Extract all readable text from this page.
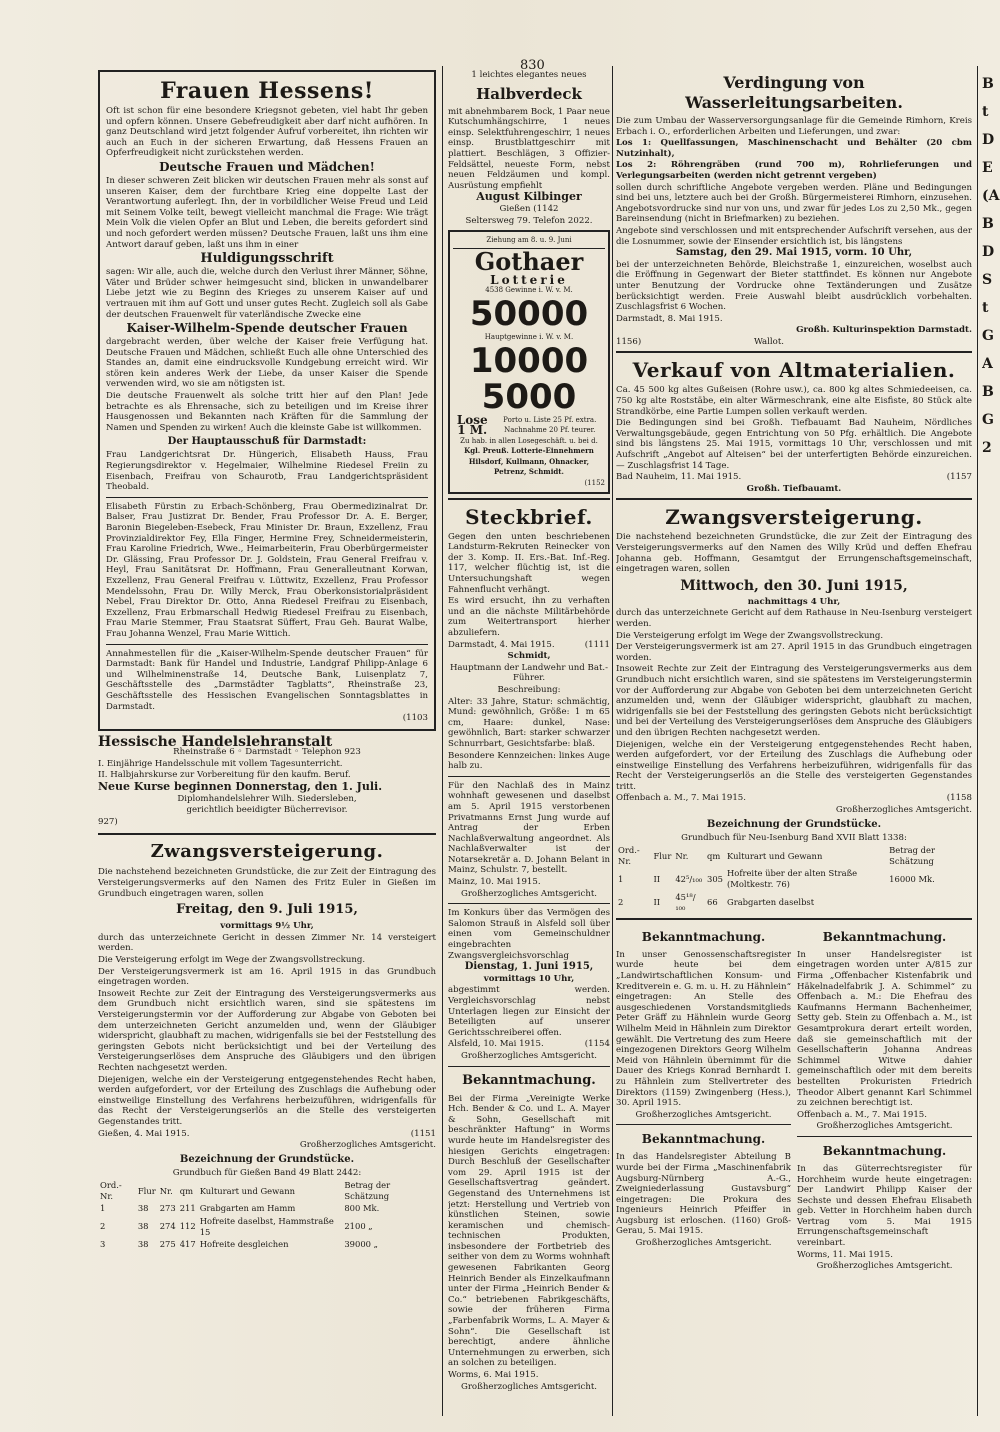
830
Frauen Hessens!

Oft ist schon für eine besondere Kriegsnot gebeten, viel habt Ihr geben und opfern können. Unsere Gebefreudigkeit aber darf nicht aufhören. In ganz Deutschland wird jetzt folgender Aufruf vorbereitet, ihn richten wir auch an Euch in der sicheren Erwartung, daß Hessens Frauen an Opferfreudigkeit nicht zurückstehen werden.

Deutsche Frauen und Mädchen!

In dieser schweren Zeit blicken wir deutschen Frauen mehr als sonst auf unseren Kaiser, dem der furchtbare Krieg eine doppelte Last der Verantwortung auferlegt. Ihn, der in vorbildlicher Weise Freud und Leid mit Seinem Volke teilt, bewegt vielleicht manchmal die Frage: Wie trägt Mein Volk die vielen Opfer an Blut und Leben, die bereits gefordert sind und noch gefordert werden müssen? Deutsche Frauen, laßt uns ihm eine Antwort darauf geben, laßt uns ihm in einer

Huldigungsschrift

sagen: Wir alle, auch die, welche durch den Verlust ihrer Männer, Söhne, Väter und Brüder schwer heimgesucht sind, blicken in unwandelbarer Liebe jetzt wie zu Beginn des Krieges zu unserem Kaiser auf und vertrauen mit ihm auf Gott und unser gutes Recht. Zugleich soll als Gabe der deutschen Frauenwelt für vaterländische Zwecke eine

Kaiser-Wilhelm-Spende deutscher Frauen

dargebracht werden, über welche der Kaiser freie Verfügung hat. Deutsche Frauen und Mädchen, schließt Euch alle ohne Unterschied des Standes an, damit eine eindrucksvolle Kundgebung erreicht wird. Wir stören kein anderes Werk der Liebe, da unser Kaiser die Spende verwenden wird, wo sie am nötigsten ist.

Die deutsche Frauenwelt als solche tritt hier auf den Plan! Jede betrachte es als Ehrensache, sich zu beteiligen und im Kreise ihrer Hausgenossen und Bekannten nach Kräften für die Sammlung der Namen und Spenden zu wirken! Auch die kleinste Gabe ist willkommen.

Der Hauptausschuß für Darmstadt:

Frau Landgerichtsrat Dr. Hüngerich, Elisabeth Hauss, Frau Regierungsdirektor v. Hegelmaier, Wilhelmine Riedesel Freiin zu Eisenbach, Freifrau von Schaurotb, Frau Landgerichtspräsident Theobald.

Elisabeth Fürstin zu Erbach-Schönberg, Frau Obermedizinalrat Dr. Balser, Frau Justizrat Dr. Bender, Frau Professor Dr. A. E. Berger, Baronin Biegeleben-Esebeck, Frau Minister Dr. Braun, Exzellenz, Frau Provinzialdirektor Fey, Ella Finger, Hermine Frey, Schneidermeisterin, Frau Karoline Friedrich, Wwe., Heimarbeiterin, Frau Oberbürgermeister Dr. Glässing, Frau Professor Dr. J. Goldstein, Frau General Freifrau v. Heyl, Frau Sanitätsrat Dr. Hoffmann, Frau Generalleutnant Korwan, Exzellenz, Frau General Freifrau v. Lüttwitz, Exzellenz, Frau Professor Mendelssohn, Frau Dr. Willy Merck, Frau Oberkonsistorialpräsident Nebel, Frau Direktor Dr. Otto, Anna Riedesel Freifrau zu Eisenbach, Exzellenz, Frau Erbmarschall Hedwig Riedesel Freifrau zu Eisenbach, Frau Marie Stemmer, Frau Staatsrat Süffert, Frau Geh. Baurat Walbe, Frau Johanna Wenzel, Frau Marie Wittich.

Annahmestellen für die „Kaiser-Wilhelm-Spende deutscher Frauen“ für Darmstadt: Bank für Handel und Industrie, Landgraf Philipp-Anlage 6 und Wilhelminenstraße 14, Deutsche Bank, Luisenplatz 7, Geschäftsstelle des „Darmstädter Tagblatts“, Rheinstraße 23, Geschäftsstelle des Hessischen Evangelischen Sonntagsblattes in Darmstadt.

(1103

Hessische Handelslehranstalt

Rheinstraße 6 ◦ Darmstadt ◦ Telephon 923

I. Einjährige Handelsschule mit vollem Tagesunterricht.

II. Halbjahrskurse zur Vorbereitung für den kaufm. Beruf.

Neue Kurse beginnen Donnerstag, den 1. Juli.

Diplomhandelslehrer Wilh. Siedersleben,

gerichtlich beeidigter Bücherrevisor.

927)

Zwangsversteigerung.

Die nachstehend bezeichneten Grundstücke, die zur Zeit der Eintragung des Versteigerungsvermerks auf den Namen des Fritz Euler in Gießen im Grundbuch eingetragen waren, sollen

Freitag, den 9. Juli 1915,

vormittags 9½ Uhr,

durch das unterzeichnete Gericht in dessen Zimmer Nr. 14 versteigert werden.

Die Versteigerung erfolgt im Wege der Zwangsvollstreckung.

Der Versteigerungsvermerk ist am 16. April 1915 in das Grundbuch eingetragen worden.

Insoweit Rechte zur Zeit der Eintragung des Versteigerungsvermerks aus dem Grundbuch nicht ersichtlich waren, sind sie spätestens im Versteigerungstermin vor der Aufforderung zur Abgabe von Geboten bei dem unterzeichneten Gericht anzumelden und, wenn der Gläubiger widerspricht, glaubhaft zu machen, widrigenfalls sie bei der Feststellung des geringsten Gebots nicht berücksichtigt und bei der Verteilung des Versteigerungserlöses dem Anspruche des Gläubigers und den übrigen Rechten nachgesetzt werden.

Diejenigen, welche ein der Versteigerung entgegenstehendes Recht haben, werden aufgefordert, vor der Erteilung des Zuschlags die Aufhebung oder einstweilige Einstellung des Verfahrens herbeizuführen, widrigenfalls für das Recht der Versteigerungserlös an die Stelle des versteigerten Gegenstandes tritt.

Gießen, 4. Mai 1915.	(1151

Großherzogliches Amtsgericht.

Bezeichnung der Grundstücke.

Grundbuch für Gießen Band 49 Blatt 2442:

Ord.-Nr.	Flur	Nr.	qm	Kulturart und Gewann	Betrag der Schätzung
1	38	273	211	Grabgarten am Hamm	800 Mk.
2	38	274	112	Hofreite daselbst, Hammstraße 15	2100 „
3	38	275	417	Hofreite desgleichen	39000 „

1 leichtes elegantes neues

Halbverdeck

mit abnehmbarem Bock, 1 Paar neue Kutschumhängschirre, 1 neues einsp. Selektfuhrengeschirr, 1 neues einsp. Brustblattgeschirr mit plattiert. Beschlägen, 3 Offizier-Feldsättel, neueste Form, nebst neuen Feldzäumen und kompl. Ausrüstung empfiehlt

August Kilbinger

Gießen (1142

Seltersweg 79. Telefon 2022.

Ziehung am 8. u. 9. Juni
Gothaer
Lotterie
4538 Gewinne i. W. v. M.
50000
Hauptgewinne i. W. v. M.
10000
5000
Lose 1 M.
Porto u. Liste 25 Pf. extra. Nachnahme 20 Pf. teurer.
Zu hab. in allen Losegeschäft. u. bei d.
Kgl. Preuß. Lotterie-Einnehmern
Hilsdorf, Kullmann, Ohnacker, Petrenz, Schmidt.
(1152
Steckbrief.

Gegen den unten beschriebenen Landsturm-Rekruten Reinecker von der 3. Komp. II. Ers.-Bat. Inf.-Reg. 117, welcher flüchtig ist, ist die Untersuchungshaft wegen Fahnenflucht verhängt.

Es wird ersucht, ihn zu verhaften und an die nächste Militärbehörde zum Weitertransport hierher abzuliefern.

Darmstadt, 4. Mai 1915.	(1111

Schmidt,

Hauptmann der Landwehr und Bat.-Führer.

Beschreibung:

Alter: 33 Jahre, Statur: schmächtig, Mund: gewöhnlich, Größe: 1 m 65 cm, Haare: dunkel, Nase: gewöhnlich, Bart: starker schwarzer Schnurrbart, Gesichtsfarbe: blaß.

Besondere Kennzeichen: linkes Auge halb zu.

Für den Nachlaß des in Mainz wohnhaft gewesenen und daselbst am 5. April 1915 verstorbenen Privatmanns Ernst Jung wurde auf Antrag der Erben Nachlaßverwaltung angeordnet. Als Nachlaßverwalter ist der Notarsekretär a. D. Johann Belant in Mainz, Schulstr. 7, bestellt.

Mainz, 10. Mai 1915.

Großherzogliches Amtsgericht.

Im Konkurs über das Vermögen des Salomon Strauß in Alsfeld soll über einen vom Gemeinschuldner eingebrachten Zwangsvergleichsvorschlag

Dienstag, 1. Juni 1915,

vormittags 10 Uhr,

abgestimmt werden. Vergleichsvorschlag nebst Unterlagen liegen zur Einsicht der Beteiligten auf unserer Gerichtsschreiberei offen.

Alsfeld, 10. Mai 1915.	(1154

Großherzogliches Amtsgericht.

Bekanntmachung.

Bei der Firma „Vereinigte Werke Hch. Bender & Co. und L. A. Mayer & Sohn, Gesellschaft mit beschränkter Haftung“ in Worms wurde heute im Handelsregister des hiesigen Gerichts eingetragen: Durch Beschluß der Gesellschafter vom 29. April 1915 ist der Gesellschaftsvertrag geändert. Gegenstand des Unternehmens ist jetzt: Herstellung und Vertrieb von künstlichen Steinen, sowie keramischen und chemisch-technischen Produkten, insbesondere der Fortbetrieb des seither von dem zu Worms wohnhaft gewesenen Fabrikanten Georg Heinrich Bender als Einzelkaufmann unter der Firma „Heinrich Bender & Co.“ betriebenen Fabrikgeschäfts, sowie der früheren Firma „Farbenfabrik Worms, L. A. Mayer & Sohn“. Die Gesellschaft ist berechtigt, andere ähnliche Unternehmungen zu erwerben, sich an solchen zu beteiligen.

Worms, 6. Mai 1915.

Großherzogliches Amtsgericht.

Verdingung von Wasserleitungsarbeiten.

Die zum Umbau der Wasserversorgungsanlage für die Gemeinde Rimhorn, Kreis Erbach i. O., erforderlichen Arbeiten und Lieferungen, und zwar:

Los 1: Quellfassungen, Maschinenschacht und Behälter (20 cbm Nutzinhalt),

Los 2: Röhrengräben (rund 700 m), Rohrlieferungen und Verlegungsarbeiten (werden nicht getrennt vergeben)

sollen durch schriftliche Angebote vergeben werden. Pläne und Bedingungen sind bei uns, letztere auch bei der Großh. Bürgermeisterei Rimhorn, einzusehen. Angebotsvordrucke sind nur von uns, und zwar für jedes Los zu 2,50 Mk., gegen Bareinsendung (nicht in Briefmarken) zu beziehen.

Angebote sind verschlossen und mit entsprechender Aufschrift versehen, aus der die Losnummer, sowie der Einsender ersichtlich ist, bis längstens

Samstag, den 29. Mai 1915, vorm. 10 Uhr,

bei der unterzeichneten Behörde, Bleichstraße 1, einzureichen, woselbst auch die Eröffnung in Gegenwart der Bieter stattfindet. Es können nur Angebote unter Benutzung der Vordrucke ohne Textänderungen und Zusätze berücksichtigt werden. Freie Auswahl bleibt ausdrücklich vorbehalten. Zuschlagsfrist 6 Wochen.

Darmstadt, 8. Mai 1915.

Großh. Kulturinspektion Darmstadt.

1156)	Wallot.

Verkauf von Altmaterialien.

Ca. 45 500 kg altes Gußeisen (Rohre usw.), ca. 800 kg altes Schmiedeeisen, ca. 750 kg alte Roststäbe, ein alter Wärmeschrank, eine alte Eisfiste, 80 Stück alte Strandkörbe, eine Partie Lumpen sollen verkauft werden.

Die Bedingungen sind bei Großh. Tiefbauamt Bad Nauheim, Nördliches Verwaltungsgebäude, gegen Entrichtung von 50 Pfg. erhältlich. Die Angebote sind bis längstens 25. Mai 1915, vormittags 10 Uhr, verschlossen und mit Aufschrift „Angebot auf Alteisen“ bei der unterfertigten Behörde einzureichen. — Zuschlagsfrist 14 Tage.

Bad Nauheim, 11. Mai 1915.	(1157

Großh. Tiefbauamt.

Zwangsversteigerung.

Die nachstehend bezeichneten Grundstücke, die zur Zeit der Eintragung des Versteigerungsvermerks auf den Namen des Willy Krüd und deffen Ehefrau Johanna geb. Hoffmann, Gesamtgut der Errungenschaftsgemeinschaft, eingetragen waren, sollen

Mittwoch, den 30. Juni 1915,

nachmittags 4 Uhr,

durch das unterzeichnete Gericht auf dem Rathause in Neu-Isenburg versteigert werden.

Die Versteigerung erfolgt im Wege der Zwangsvollstreckung.

Der Versteigerungsvermerk ist am 27. April 1915 in das Grundbuch eingetragen worden.

Insoweit Rechte zur Zeit der Eintragung des Versteigerungsvermerks aus dem Grundbuch nicht ersichtlich waren, sind sie spätestens im Versteigerungstermin vor der Aufforderung zur Abgabe von Geboten bei dem unterzeichneten Gericht anzumelden und, wenn der Gläubiger widerspricht, glaubhaft zu machen, widrigenfalls sie bei der Feststellung des geringsten Gebots nicht berücksichtigt und bei der Verteilung des Versteigerungserlöses dem Anspruche des Gläubigers und den übrigen Rechten nachgesetzt werden.

Diejenigen, welche ein der Versteigerung entgegenstehendes Recht haben, werden aufgefordert, vor der Erteilung des Zuschlags die Aufhebung oder einstweilige Einstellung des Verfahrens herbeizuführen, widrigenfalls für das Recht der Versteigerungserlös an die Stelle des versteigerten Gegenstandes tritt.

Offenbach a. M., 7. Mai 1915.	(1158

Großherzogliches Amtsgericht.

Bezeichnung der Grundstücke.

Grundbuch für Neu-Isenburg Band XVII Blatt 1338:

Ord.-Nr.	Flur	Nr.	qm	Kulturart und Gewann	Betrag der Schätzung
1	II	42⁵/₁₀₀	305	Hofreite über der alten Straße (Moltkestr. 76)	16000 Mk.
2	II	45¹⁸/₁₀₀	66	Grabgarten daselbst	
Bekanntmachung.

In unser Genossenschaftsregister wurde heute bei dem „Landwirtschaftlichen Konsum- und Kreditverein e. G. m. u. H. zu Hähnlein“ eingetragen: An Stelle des ausgeschiedenen Vorstandsmitglieds Peter Gräff zu Hähnlein wurde Georg Wilhelm Meid in Hähnlein zum Direktor gewählt. Die Vertretung des zum Heere eingezogenen Direktors Georg Wilhelm Meid von Hähnlein übernimmt für die Dauer des Kriegs Konrad Bernhardt I. zu Hähnlein zum Stellvertreter des Direktors (1159) Zwingenberg (Hess.), 30. April 1915.

Großherzogliches Amtsgericht.

Bekanntmachung.

In das Handelsregister Abteilung B wurde bei der Firma „Maschinenfabrik Augsburg-Nürnberg A.-G., Zweigniederlassung Gustavsburg“ eingetragen: Die Prokura des Ingenieurs Heinrich Pfeiffer in Augsburg ist erloschen. (1160) Groß-Gerau, 5. Mai 1915.

Großherzogliches Amtsgericht.

Bekanntmachung.

In unser Handelsregister ist eingetragen worden unter A/815 zur Firma „Offenbacher Kistenfabrik und Häkelnadelfabrik J. A. Schimmel“ zu Offenbach a. M.: Die Ehefrau des Kaufmanns Hermann Bachenheimer, Setty geb. Stein zu Offenbach a. M., ist Gesamtprokura derart erteilt worden, daß sie gemeinschaftlich mit der Gesellschafterin Johanna Andreas Schimmel Witwe dahier gemeinschaftlich oder mit dem bereits bestellten Prokuristen Friedrich Theodor Albert genannt Karl Schimmel zu zeichnen berechtigt ist.

Offenbach a. M., 7. Mai 1915.

Großherzogliches Amtsgericht.

Bekanntmachung.

In das Güterrechtsregister für Horchheim wurde heute eingetragen: Der Landwirt Philipp Kaiser der Sechste und dessen Ehefrau Elisabeth geb. Vetter in Horchheim haben durch Vertrag vom 5. Mai 1915 Errungenschaftsgemeinschaft vereinbart.

Worms, 11. Mai 1915.

Großherzogliches Amtsgericht.

B
t
D
E
(A
B
D
S
t
G
A
B
G
2
